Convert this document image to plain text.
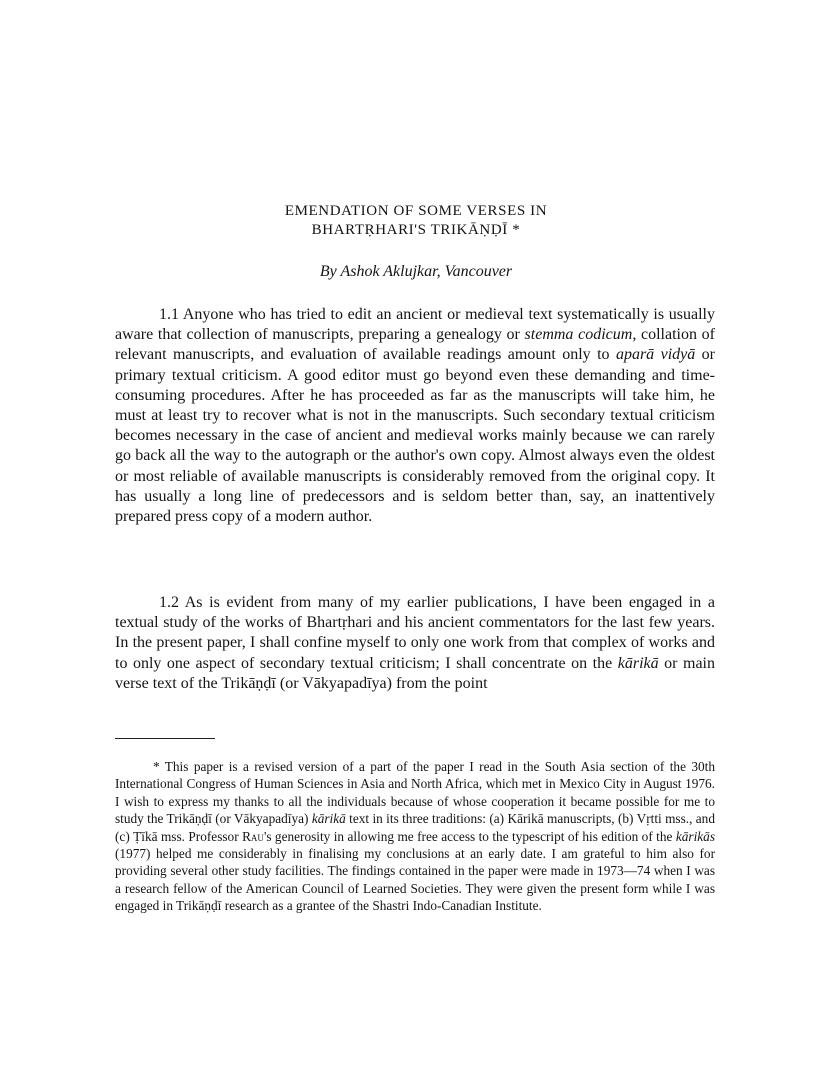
EMENDATION OF SOME VERSES IN
BHARTṚHARI'S TRIKĀṆḌĪ *

By Ashok Aklujkar, Vancouver

1.1 Anyone who has tried to edit an ancient or medieval text systematically is usually aware that collection of manuscripts, preparing a genealogy or stemma codicum, collation of relevant manuscripts, and evaluation of available readings amount only to aparā vidyā or primary textual criticism. A good editor must go beyond even these demanding and time-consuming procedures. After he has proceeded as far as the manuscripts will take him, he must at least try to recover what is not in the manuscripts. Such secondary textual criticism becomes necessary in the case of ancient and medieval works mainly because we can rarely go back all the way to the autograph or the author's own copy. Almost always even the oldest or most reliable of available manuscripts is considerably removed from the original copy. It has usually a long line of predecessors and is seldom better than, say, an inattentively prepared press copy of a modern author.

1.2 As is evident from many of my earlier publications, I have been engaged in a textual study of the works of Bhartṛhari and his ancient commentators for the last few years. In the present paper, I shall confine myself to only one work from that complex of works and to only one aspect of secondary textual criticism; I shall concentrate on the kārikā or main verse text of the Trikāṇḍī (or Vākyapadīya) from the point

* This paper is a revised version of a part of the paper I read in the South Asia section of the 30th International Congress of Human Sciences in Asia and North Africa, which met in Mexico City in August 1976. I wish to express my thanks to all the individuals because of whose cooperation it became possible for me to study the Trikāṇḍī (or Vākyapadīya) kārikā text in its three traditions: (a) Kārikā manuscripts, (b) Vṛtti mss., and (c) Ṭīkā mss. Professor Rau's generosity in allowing me free access to the typescript of his edition of the kārikās (1977) helped me considerably in finalising my conclusions at an early date. I am grateful to him also for providing several other study facilities. The findings contained in the paper were made in 1973—74 when I was a research fellow of the American Council of Learned Societies. They were given the present form while I was engaged in Trikāṇḍī research as a grantee of the Shastri Indo-Canadian Institute.
